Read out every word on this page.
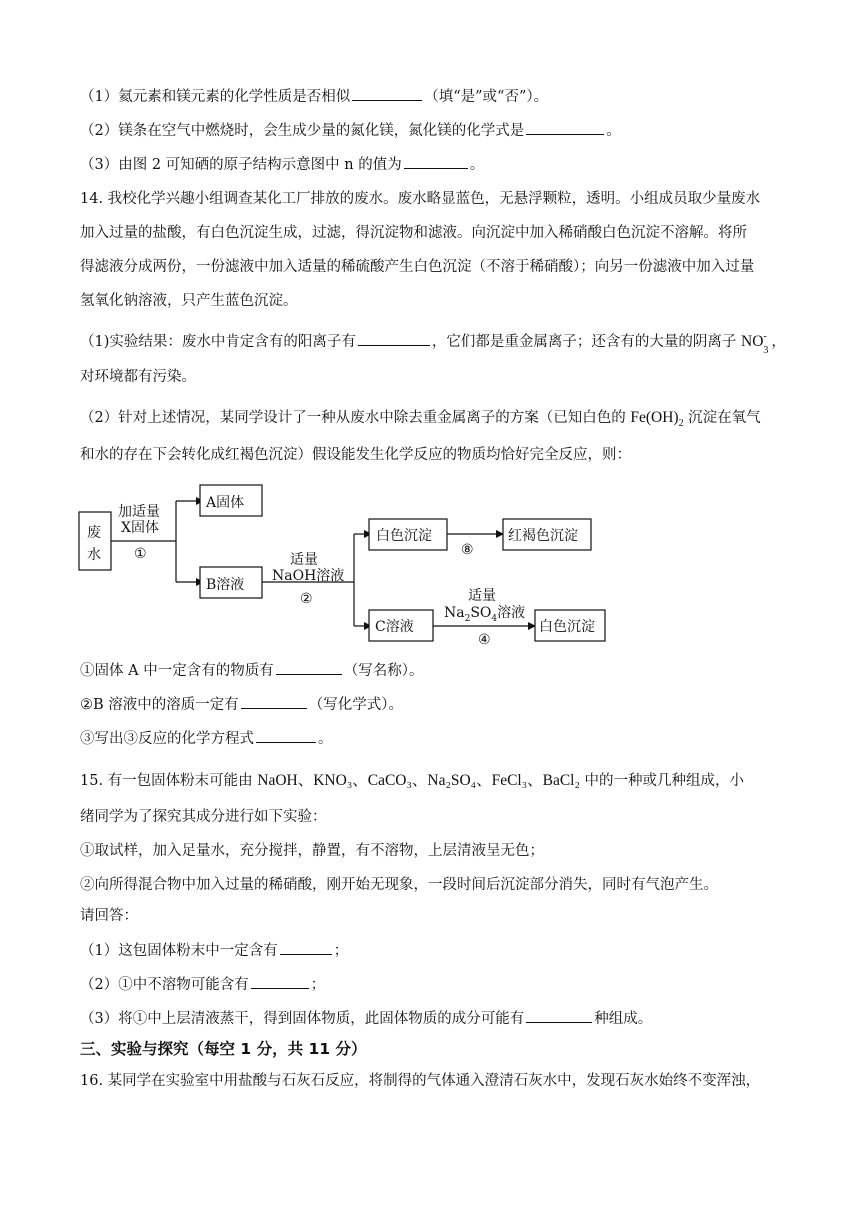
（1）氦元素和镁元素的化学性质是否相似	（填“是”或“否”）。
（2）镁条在空气中燃烧时，会生成少量的氮化镁，氮化镁的化学式是	。
（3）由图 2 可知硒的原子结构示意图中 n 的值为	。
14. 我校化学兴趣小组调查某化工厂排放的废水。废水略显蓝色，无悬浮颗粒，透明。小组成员取少量废水
加入过量的盐酸，有白色沉淀生成，过滤，得沉淀物和滤液。向沉淀中加入稀硝酸白色沉淀不溶解。将所
得滤液分成两份，一份滤液中加入适量的稀硫酸产生白色沉淀（不溶于稀硝酸）；向另一份滤液中加入过量
氢氧化钠溶液，只产生蓝色沉淀。
（1)实验结果：废水中肯定含有的阳离子有	，它们都是重金属离子；还含有的大量的阴离子 NO -
3
，
对环境都有污染。
（2）针对上述情况，某同学设计了一种从废水中除去重金属离子的方案（已知白色的 $Fe(OH)_2$ 沉淀在氧气
和水的存在下会转化成红褐色沉淀）假设能发生化学反应的物质均恰好完全反应，则：
废
水
加适量
X固体
①
A固体
B溶液
适量
NaOH溶液
②
白色沉淀
⑧
红褐色沉淀
C溶液
适量
$Na_2SO_4$溶液
④
白色沉淀
①固体 A 中一定含有的物质有	（写名称）。
②B 溶液中的溶质一定有	（写化学式）。
③写出③反应的化学方程式	。
15. 有一包固体粉末可能由 NaOH、KNO₃、CaCO₃、Na₂SO₄、FeCl₃、BaCl₂ 中的一种或几种组成，小
绪同学为了探究其成分进行如下实验：
①取试样，加入足量水，充分搅拌，静置，有不溶物，上层清液呈无色；
②向所得混合物中加入过量的稀硝酸，刚开始无现象，一段时间后沉淀部分消失，同时有气泡产生。
请回答：
（1）这包固体粉末中一定含有	；
（2）①中不溶物可能含有	；
（3）将①中上层清液蒸干，得到固体物质，此固体物质的成分可能有	种组成。
三、实验与探究（每空 1 分，共 11 分）
16. 某同学在实验室中用盐酸与石灰石反应，将制得的气体通入澄清石灰水中，发现石灰水始终不变浑浊，
